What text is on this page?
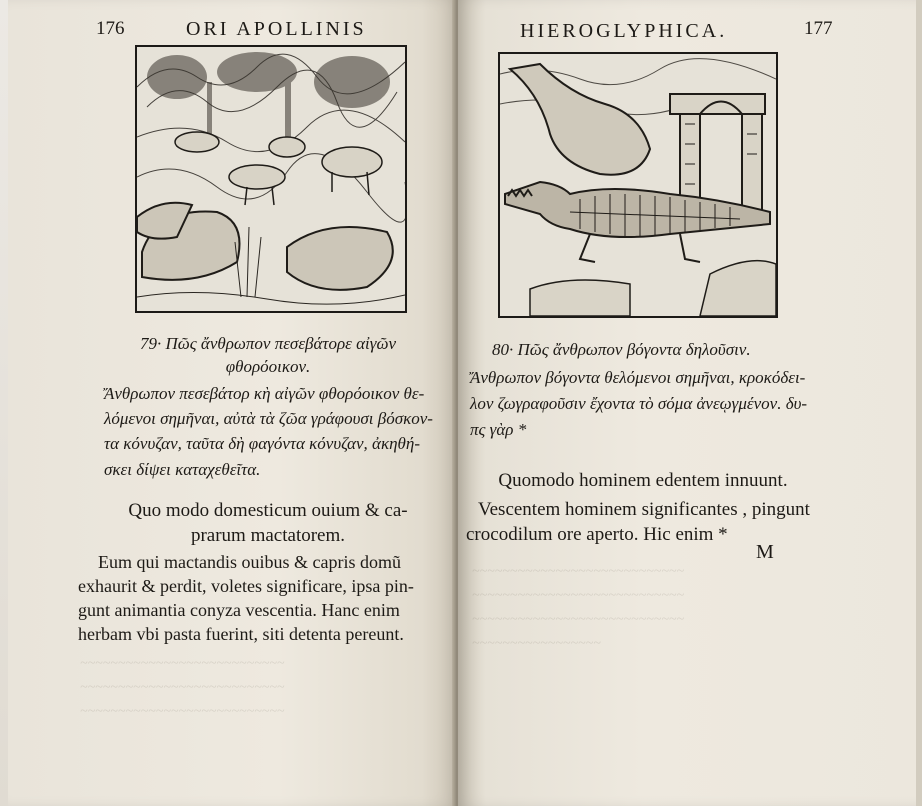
176	ORI APOLLINIS
79· Πῶς ἄνθρωπον πεσεβάτορε αἰγῶν
φθορόοικον.
Ἄνθρωπον πεσεβάτορ κὴ αἰγῶν φθορόοικον θε-
λόμενοι σημῆναι, αὐτὰ τὰ ζῶα γράφουσι βόσκον-
τα κόνυζαν, ταῦτα δὴ φαγόντα κόνυζαν, ἀκηθή-
σκει δίψει καταχεθεῖτα.
Quo modo domesticum ouium & ca-
prarum mactatorem.
Eum qui mactandis ouibus & capris domũ
exhaurit & perdit, voletes significare, ipsa pin-
gunt animantia conyza vescentia. Hanc enim
herbam vbi pasta fuerint, siti detenta pereunt.
~~~~~~~~~~~~~~~~~~~~~~~~~~~
~~~~~~~~~~~~~~~~~~~~~~~~~~~
~~~~~~~~~~~~~~~~~~~~~~~~~~~
HIEROGLYPHICA.	177
80· Πῶς ἄνθρωπον βόγοντα δηλοῦσιν.
Ἄνθρωπον βόγοντα θελόμενοι σημῆναι, κροκόδει-
λον ζωγραφοῦσιν ἔχοντα τὸ σόμα ἀνεῳγμένον. δυ-
πς γὰρ *
Quomodo hominem edentem innuunt.
Vescentem hominem significantes , pingunt
crocodilum ore aperto. Hic enim *
M
~~~~~~~~~~~~~~~~~~~~~~~~~~~~
~~~~~~~~~~~~~~~~~~~~~~~~~~~~
~~~~~~~~~~~~~~~~~~~~~~~~~~~~
~~~~~~~~~~~~~~~~~
